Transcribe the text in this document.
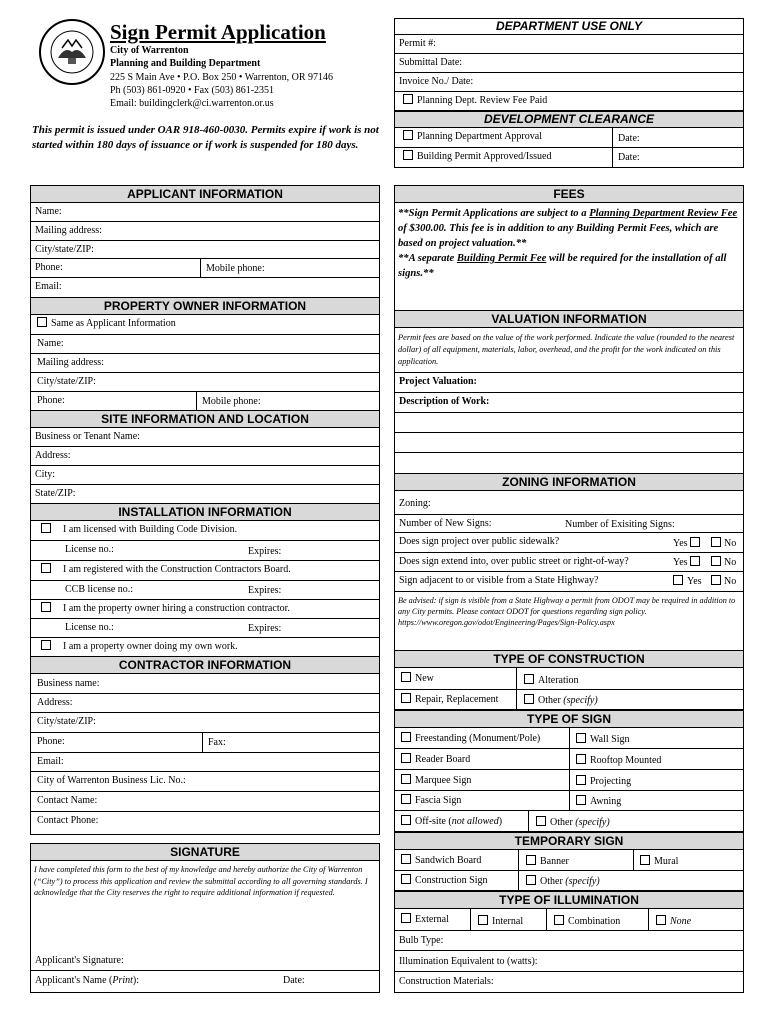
Sign Permit Application
City of Warrenton
Planning and Building Department
225 S Main Ave • P.O. Box 250 • Warrenton, OR 97146
Ph (503) 861-0920 • Fax (503) 861-2351
Email: buildingclerk@ci.warrenton.or.us
This permit is issued under OAR 918-460-0030. Permits expire if work is not started within 180 days of issuance or if work is suspended for 180 days.
DEPARTMENT USE ONLY
Permit #:
Submittal Date:
Invoice No./ Date:
Planning Dept. Review Fee Paid
DEVELOPMENT CLEARANCE
Planning Department Approval	Date:
Building Permit Approved/Issued	Date:
APPLICANT INFORMATION
Name:
Mailing address:
City/state/ZIP:
Phone:	Mobile phone:
Email:
PROPERTY OWNER INFORMATION
Same as Applicant Information
Name:
Mailing address:
City/state/ZIP:
Phone:	Mobile phone:
SITE INFORMATION AND LOCATION
Business or Tenant Name:
Address:
City:
State/ZIP:
INSTALLATION INFORMATION
I am licensed with Building Code Division.
License no.:	Expires:
I am registered with the Construction Contractors Board.
CCB license no.:	Expires:
I am the property owner hiring a construction contractor.
License no.:	Expires:
I am a property owner doing my own work.
CONTRACTOR INFORMATION
Business name:
Address:
City/state/ZIP:
Phone:	Fax:
Email:
City of Warrenton Business Lic. No.:
Contact Name:
Contact Phone:
SIGNATURE
I have completed this form to the best of my knowledge and hereby authorize the City of Warrenton (“City”) to process this application and review the submittal according to all governing standards. I acknowledge that the City reserves the right to require additional information if requested.
Applicant's Signature:
Applicant's Name (Print):	Date:
FEES
**Sign Permit Applications are subject to a Planning Department Review Fee of $300.00. This fee is in addition to any Building Permit Fees, which are based on project valuation.**
**A separate Building Permit Fee will be required for the installation of all signs.**
VALUATION INFORMATION
Permit fees are based on the value of the work performed. Indicate the value (rounded to the nearest dollar) of all equipment, materials, labor, overhead, and the profit for the work indicated on this application.
Project Valuation:
Description of Work:
ZONING INFORMATION
Zoning:
Number of New Signs:	Number of Exisiting Signs:
Does sign project over public sidewalk?	Yes	No
Does sign extend into, over public street or right-of-way?	Yes	No
Sign adjacent to or visible from a State Highway?	Yes	No
Be advised: if sign is visible from a State Highway a permit from ODOT may be required in addition to any City permits. Please contact ODOT for questions regarding sign policy.
https://www.oregon.gov/odot/Engineering/Pages/Sign-Policy.aspx
TYPE OF CONSTRUCTION
New	Alteration
Repair, Replacement	Other (specify)
TYPE OF SIGN
Freestanding (Monument/Pole)	Wall Sign
Reader Board	Rooftop Mounted
Marquee Sign	Projecting
Fascia Sign	Awning
Off-site (not allowed)	Other (specify)
TEMPORARY SIGN
Sandwich Board	Banner	Mural
Construction Sign	Other (specify)
TYPE OF ILLUMINATION
External	Internal	Combination	None
Bulb Type:
Illumination Equivalent to (watts):
Construction Materials:
